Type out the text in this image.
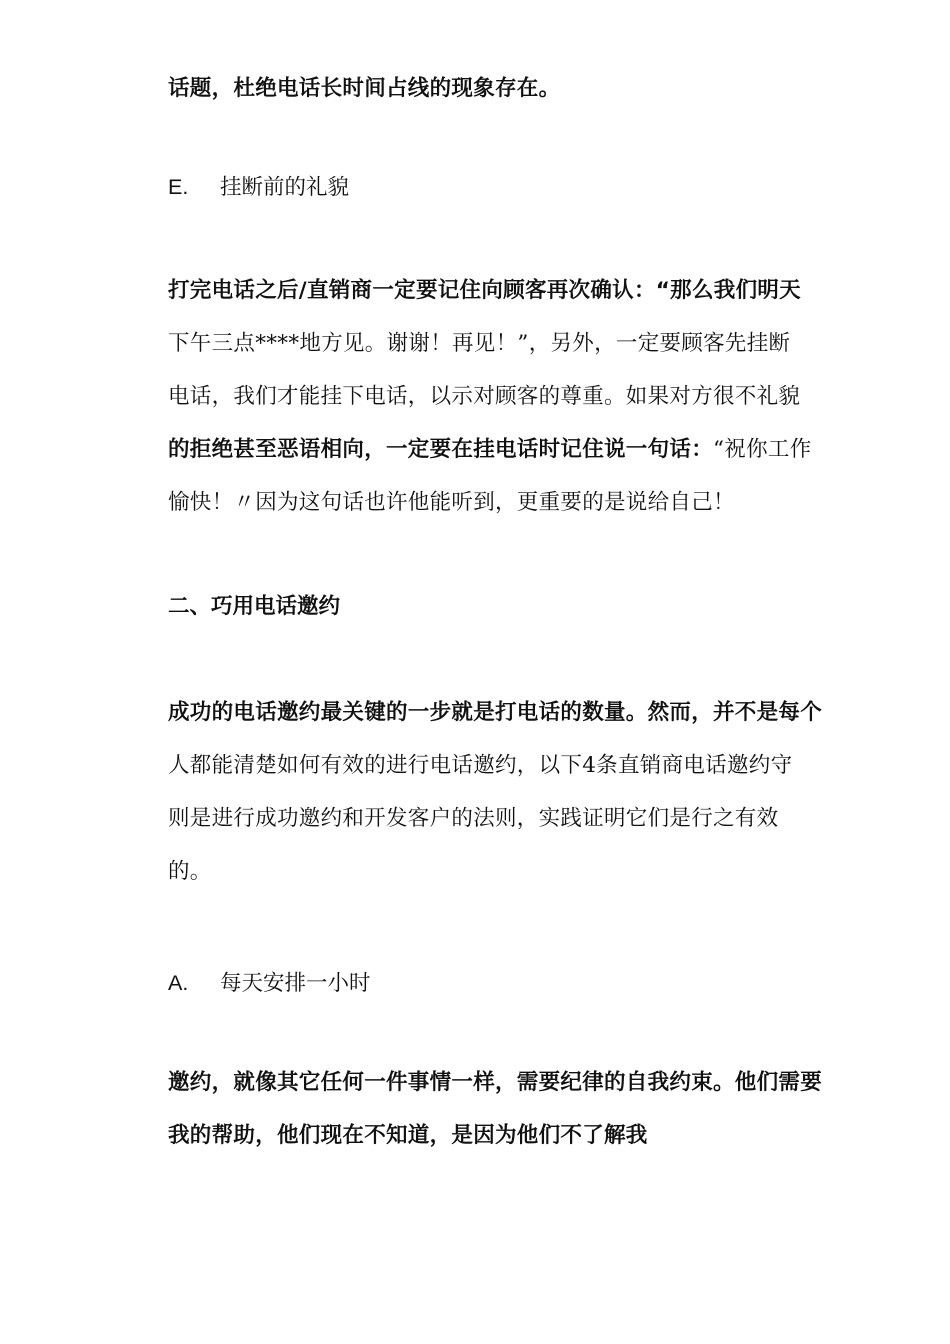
话题，杜绝电话长时间占线的现象存在。

E. 挂断前的礼貌

打完电话之后/直销商一定要记住向顾客再次确认：“那么我们明天
下午三点****地方见。谢谢！再见！”，另外，一定要顾客先挂断
电话，我们才能挂下电话，以示对顾客的尊重。如果对方很不礼貌
的拒绝甚至恶语相向，一定要在挂电话时记住说一句话：“祝你工作
愉快！〃因为这句话也许他能听到，更重要的是说给自己！

二、巧用电话邀约

成功的电话邀约最关键的一步就是打电话的数量。然而，并不是每个
人都能清楚如何有效的进行电话邀约，以下4条直销商电话邀约守
则是进行成功邀约和开发客户的法则，实践证明它们是行之有效
的。

A. 每天安排一小时

邀约，就像其它任何一件事情一样，需要纪律的自我约束。他们需要
我的帮助，他们现在不知道，是因为他们不了解我
